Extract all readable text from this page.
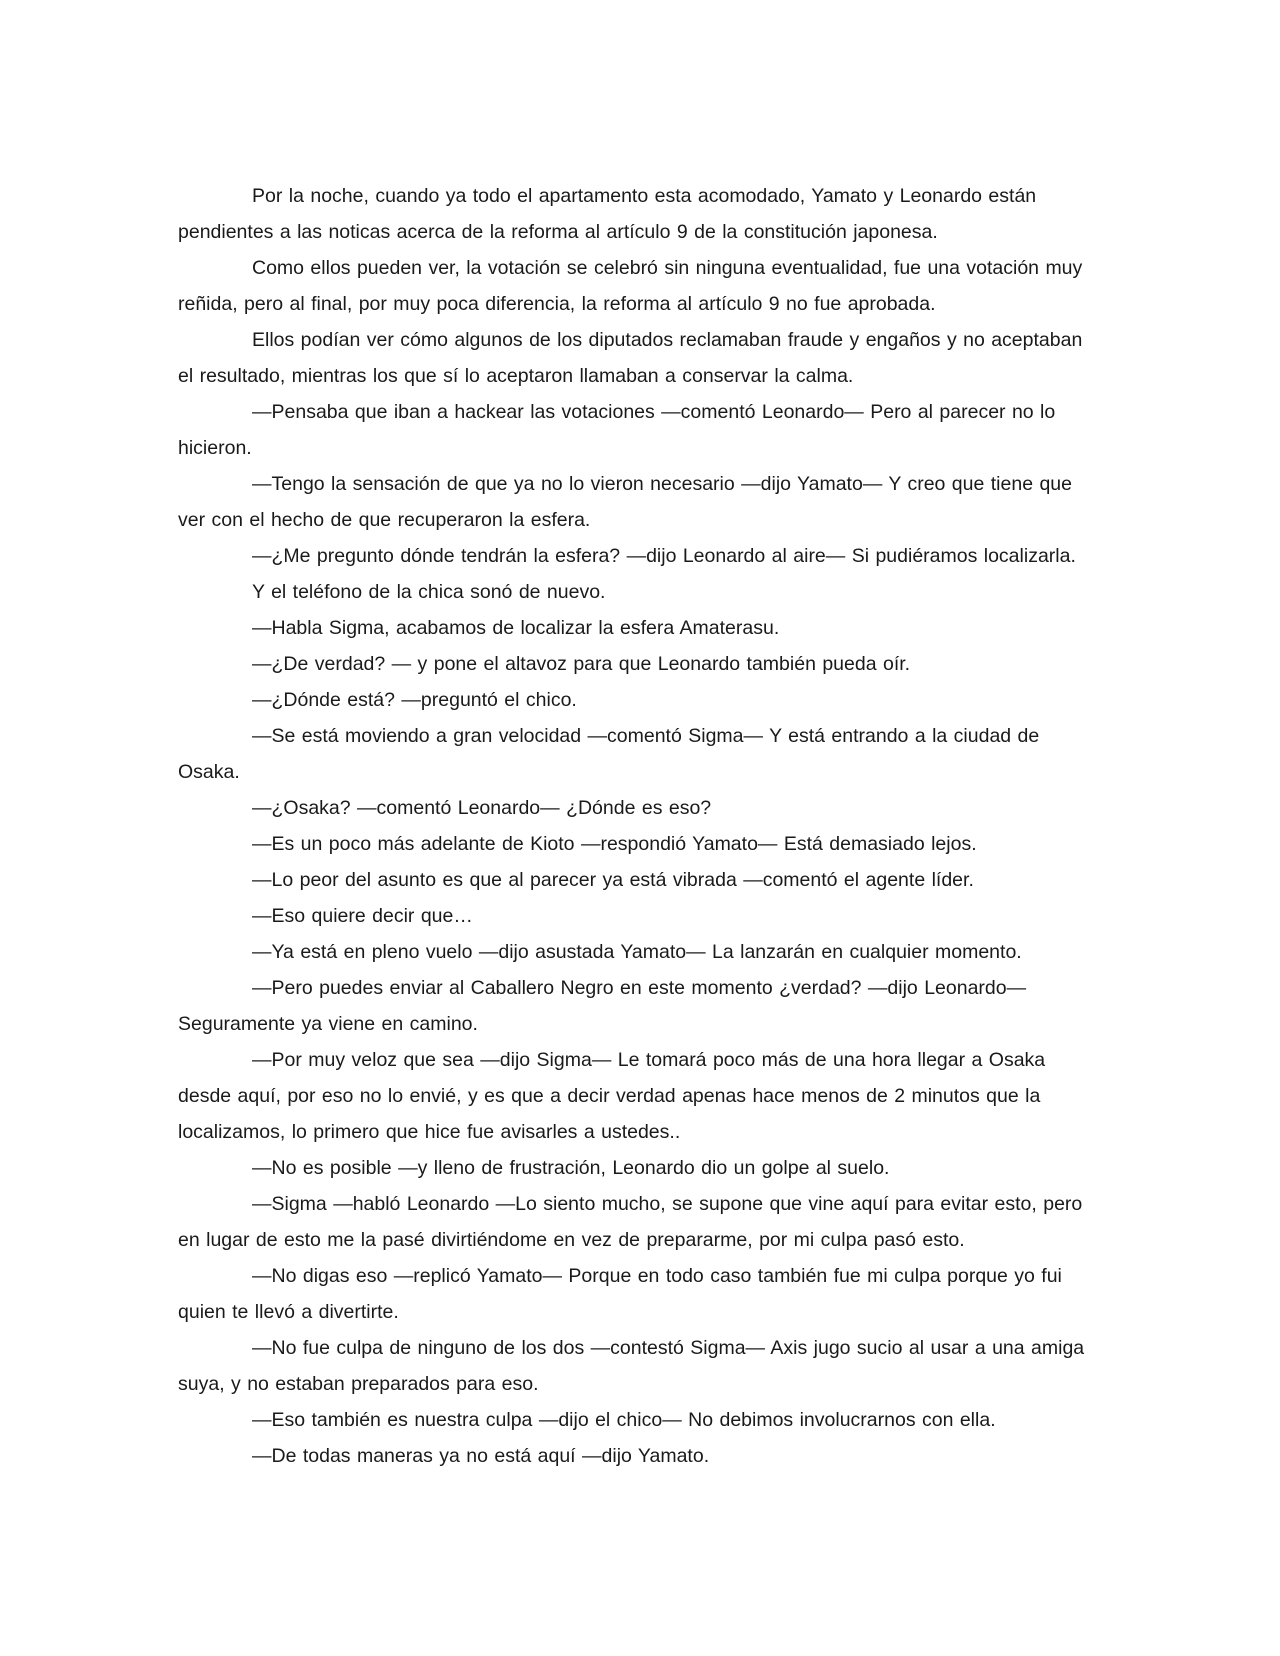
Por la noche, cuando ya todo el apartamento esta acomodado, Yamato y Leonardo están pendientes a las noticas acerca de la reforma al artículo 9 de la constitución japonesa.

Como ellos pueden ver, la votación se celebró sin ninguna eventualidad, fue una votación muy reñida, pero al final, por muy poca diferencia, la reforma al artículo 9 no fue aprobada.

Ellos podían ver cómo algunos de los diputados reclamaban fraude y engaños y no aceptaban el resultado, mientras los que sí lo aceptaron llamaban a conservar la calma.

—Pensaba que iban a hackear las votaciones —comentó Leonardo— Pero al parecer no lo hicieron.

—Tengo la sensación de que ya no lo vieron necesario —dijo Yamato— Y creo que tiene que ver con el hecho de que recuperaron la esfera.

—¿Me pregunto dónde tendrán la esfera? —dijo Leonardo al aire— Si pudiéramos localizarla.

Y el teléfono de la chica sonó de nuevo.

—Habla Sigma, acabamos de localizar la esfera Amaterasu.

—¿De verdad? — y pone el altavoz para que Leonardo también pueda oír.

—¿Dónde está? —preguntó el chico.

—Se está moviendo a gran velocidad —comentó Sigma— Y está entrando a la ciudad de Osaka.

—¿Osaka? —comentó Leonardo— ¿Dónde es eso?

—Es un poco más adelante de Kioto —respondió Yamato— Está demasiado lejos.

—Lo peor del asunto es que al parecer ya está vibrada —comentó el agente líder.

—Eso quiere decir que…

—Ya está en pleno vuelo —dijo asustada Yamato— La lanzarán en cualquier momento.

—Pero puedes enviar al Caballero Negro en este momento ¿verdad? —dijo Leonardo— Seguramente ya viene en camino.

—Por muy veloz que sea —dijo Sigma— Le tomará poco más de una hora llegar a Osaka desde aquí, por eso no lo envié, y es que a decir verdad apenas hace menos de 2 minutos que la localizamos, lo primero que hice fue avisarles a ustedes..

—No es posible —y lleno de frustración, Leonardo dio un golpe al suelo.

—Sigma —habló Leonardo —Lo siento mucho, se supone que vine aquí para evitar esto, pero en lugar de esto me la pasé divirtiéndome en vez de prepararme, por mi culpa pasó esto.

—No digas eso —replicó Yamato— Porque en todo caso también fue mi culpa porque yo fui quien te llevó a divertirte.

—No fue culpa de ninguno de los dos —contestó Sigma— Axis jugo sucio al usar a una amiga suya, y no estaban preparados para eso.

—Eso también es nuestra culpa —dijo el chico— No debimos involucrarnos con ella.

—De todas maneras ya no está aquí —dijo Yamato.
